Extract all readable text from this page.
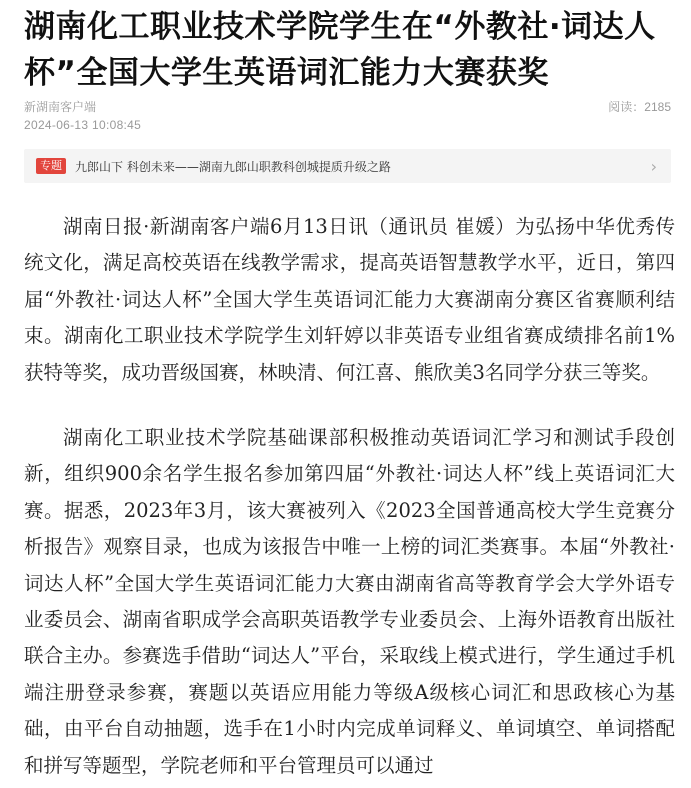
湖南化工职业技术学院学生在“外教社·词达人杯”全国大学生英语词汇能力大赛获奖
新湖南客户端
2024-06-13 10:08:45
阅读：2185
专题	九郎山下 科创未来——湖南九郎山职教科创城提质升级之路	›

湖南日报·新湖南客户端6月13日讯（通讯员 崔媛）为弘扬中华优秀传统文化，满足高校英语在线教学需求，提高英语智慧教学水平，近日，第四届“外教社·词达人杯”全国大学生英语词汇能力大赛湖南分赛区省赛顺利结束。湖南化工职业技术学院学生刘轩婷以非英语专业组省赛成绩排名前1%获特等奖，成功晋级国赛，林映清、何江喜、熊欣美3名同学分获三等奖。

湖南化工职业技术学院基础课部积极推动英语词汇学习和测试手段创新，组织900余名学生报名参加第四届“外教社·词达人杯”线上英语词汇大赛。据悉，2023年3月，该大赛被列入《2023全国普通高校大学生竞赛分析报告》观察目录，也成为该报告中唯一上榜的词汇类赛事。本届“外教社·词达人杯”全国大学生英语词汇能力大赛由湖南省高等教育学会大学外语专业委员会、湖南省职成学会高职英语教学专业委员会、上海外语教育出版社联合主办。参赛选手借助“词达人”平台，采取线上模式进行，学生通过手机端注册登录参赛，赛题以英语应用能力等级A级核心词汇和思政核心为基础，由平台自动抽题，选手在1小时内完成单词释义、单词填空、单词搭配和拼写等题型，学院老师和平台管理员可以通过
